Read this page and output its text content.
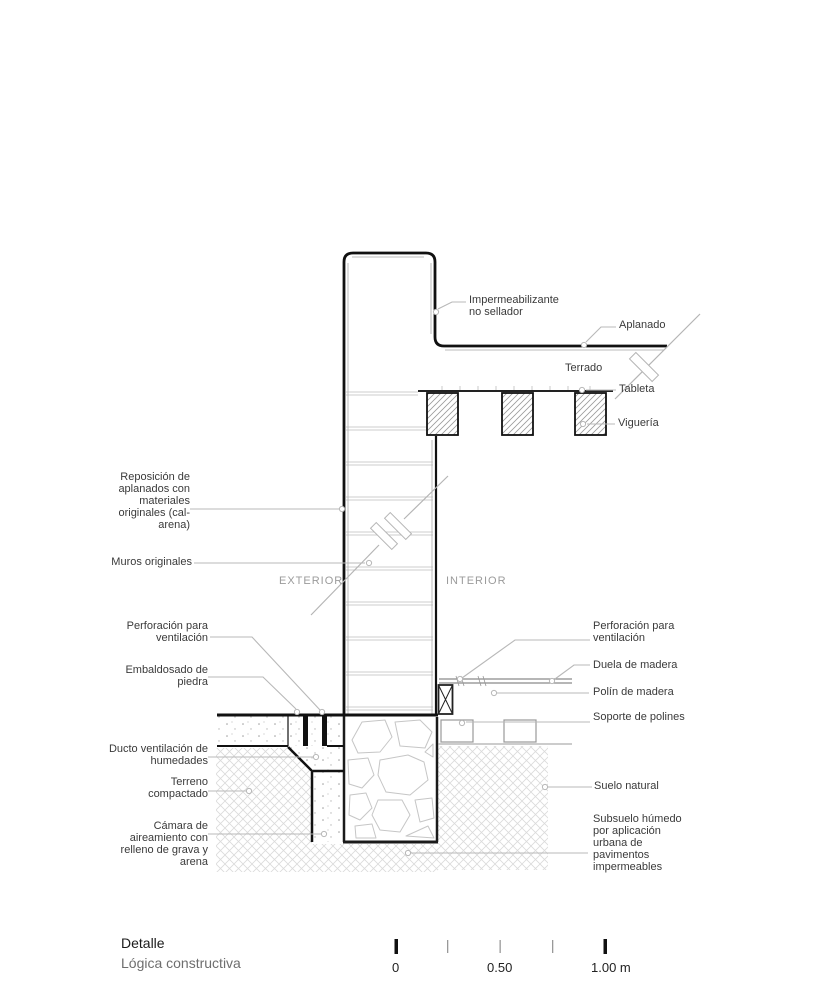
Impermeabilizante no sellador
Aplanado
Terrado
Tableta
Viguería
Reposición de aplanados con materiales originales (cal-arena)
Muros originales
Perforación para ventilación
Embaldosado de piedra
Ducto ventilación de humedades
Terreno compactado
Cámara de aireamiento con relleno de grava y arena
Perforación para ventilación
Duela de madera
Polín de madera
Soporte de polines
Suelo natural
Subsuelo húmedo por aplicación urbana de pavimentos impermeables
EXTERIOR	INTERIOR
Detalle
Lógica constructiva	0	0.50	1.00 m
